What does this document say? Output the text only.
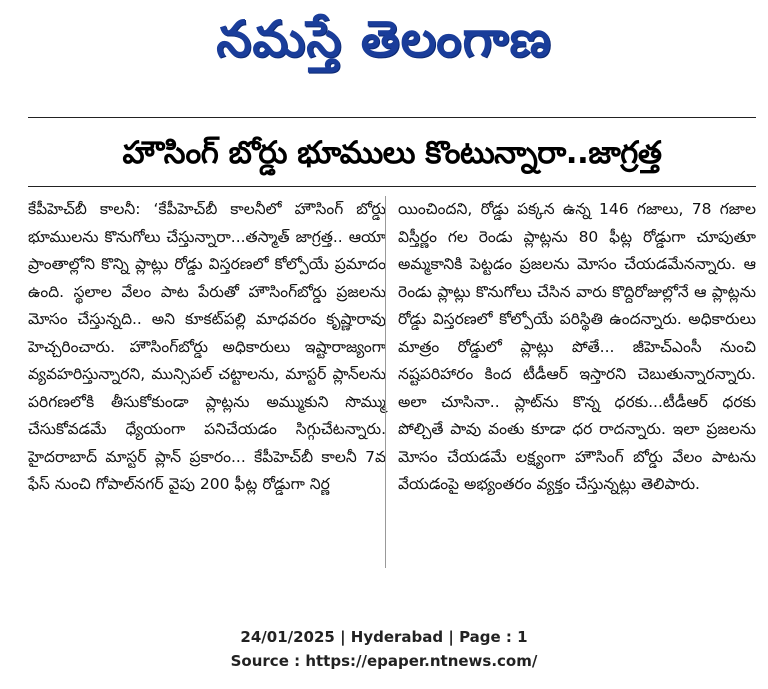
నమస్తే తెలంగాణ
హౌసింగ్ బోర్డు భూములు కొంటున్నారా..జాగ్రత్త
కేపీహెచ్‌బీ కాలనీ: ‘కేపీహెచ్‌బీ కాలనీలో హౌసింగ్ బోర్డు భూములను కొనుగోలు చేస్తున్నారా...తస్మాత్ జాగ్రత్త.. ఆయా ప్రాంతాల్లోని కొన్ని ప్లాట్లు రోడ్డు విస్తరణలో కోల్పోయే ప్రమాదం ఉంది. స్థలాల వేలం పాట పేరుతో హౌసింగ్‌బోర్డు ప్రజలను మోసం చేస్తున్నది.. అని కూకట్‌పల్లి మాధవరం కృష్ణారావు హెచ్చరించారు. హౌసింగ్‌బోర్డు అధికారులు ఇష్టారాజ్యంగా వ్యవహరిస్తున్నారని, మున్సిపల్ చట్టాలను, మాస్టర్ ప్లాన్‌లను పరిగణలోకి తీసుకోకుండా ప్లాట్లను అమ్ముకుని సొమ్ము చేసుకోవడమే ధ్యేయంగా పనిచేయడం సిగ్గుచేటన్నారు. హైదరాబాద్ మాస్టర్ ప్లాన్ ప్రకారం... కేపీహెచ్‌బీ కాలనీ 7వ ఫేస్ నుంచి గోపాల్‌నగర్ వైపు 200 ఫీట్ల రోడ్డుగా నిర్ణ
యించిందని, రోడ్డు పక్కన ఉన్న 146 గజాలు, 78 గజాల విస్తీర్ణం గల రెండు ప్లాట్లను 80 ఫీట్ల రోడ్డుగా చూపుతూ అమ్మకానికి పెట్టడం ప్రజలను మోసం చేయడమేనన్నారు. ఆ రెండు ప్లాట్లు కొనుగోలు చేసిన వారు కొద్దిరోజుల్లోనే ఆ ప్లాట్లను రోడ్డు విస్తరణలో కోల్పోయే పరిస్థితి ఉందన్నారు. అధికారులు మాత్రం రోడ్డులో ప్లాట్లు పోతే... జీహెచ్‌ఎంసీ నుంచి నష్టపరిహారం కింద టీడీఆర్ ఇస్తారని చెబుతున్నారన్నారు. అలా చూసినా.. ప్లాట్‌ను కొన్న ధరకు...టీడీఆర్ ధరకు పోల్చితే పావు వంతు కూడా ధర రాదన్నారు. ఇలా ప్రజలను మోసం చేయడమే లక్ష్యంగా హౌసింగ్ బోర్డు వేలం పాటను వేయడంపై అభ్యంతరం వ్యక్తం చేస్తున్నట్లు తెలిపారు.
24/01/2025 | Hyderabad | Page : 1
Source : https://epaper.ntnews.com/
